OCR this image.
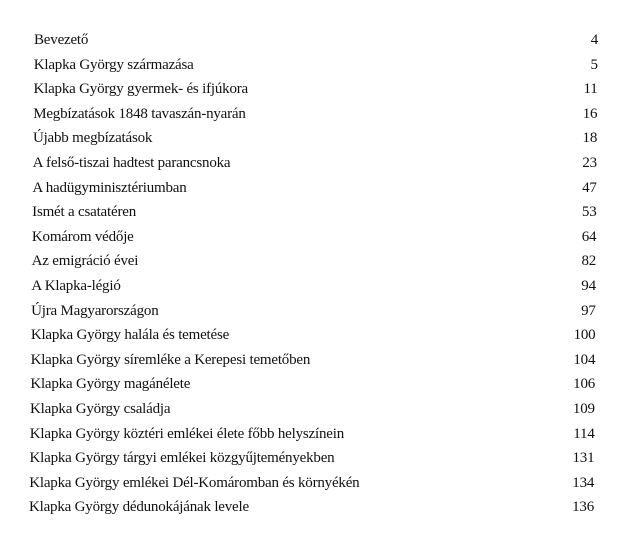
Bevezető	4
Klapka György származása	5
Klapka György gyermek- és ifjúkora	11
Megbízatások 1848 tavaszán-nyarán	16
Újabb megbízatások	18
A felső-tiszai hadtest parancsnoka	23
A hadügyminisztériumban	47
Ismét a csatatéren	53
Komárom védője	64
Az emigráció évei	82
A Klapka-légió	94
Újra Magyarországon	97
Klapka György halála és temetése	100
Klapka György síremléke a Kerepesi temetőben	104
Klapka György magánélete	106
Klapka György családja	109
Klapka György köztéri emlékei élete főbb helyszínein	114
Klapka György tárgyi emlékei közgyűjteményekben	131
Klapka György emlékei Dél-Komáromban és környékén	134
Klapka György dédunokájának levele	136
